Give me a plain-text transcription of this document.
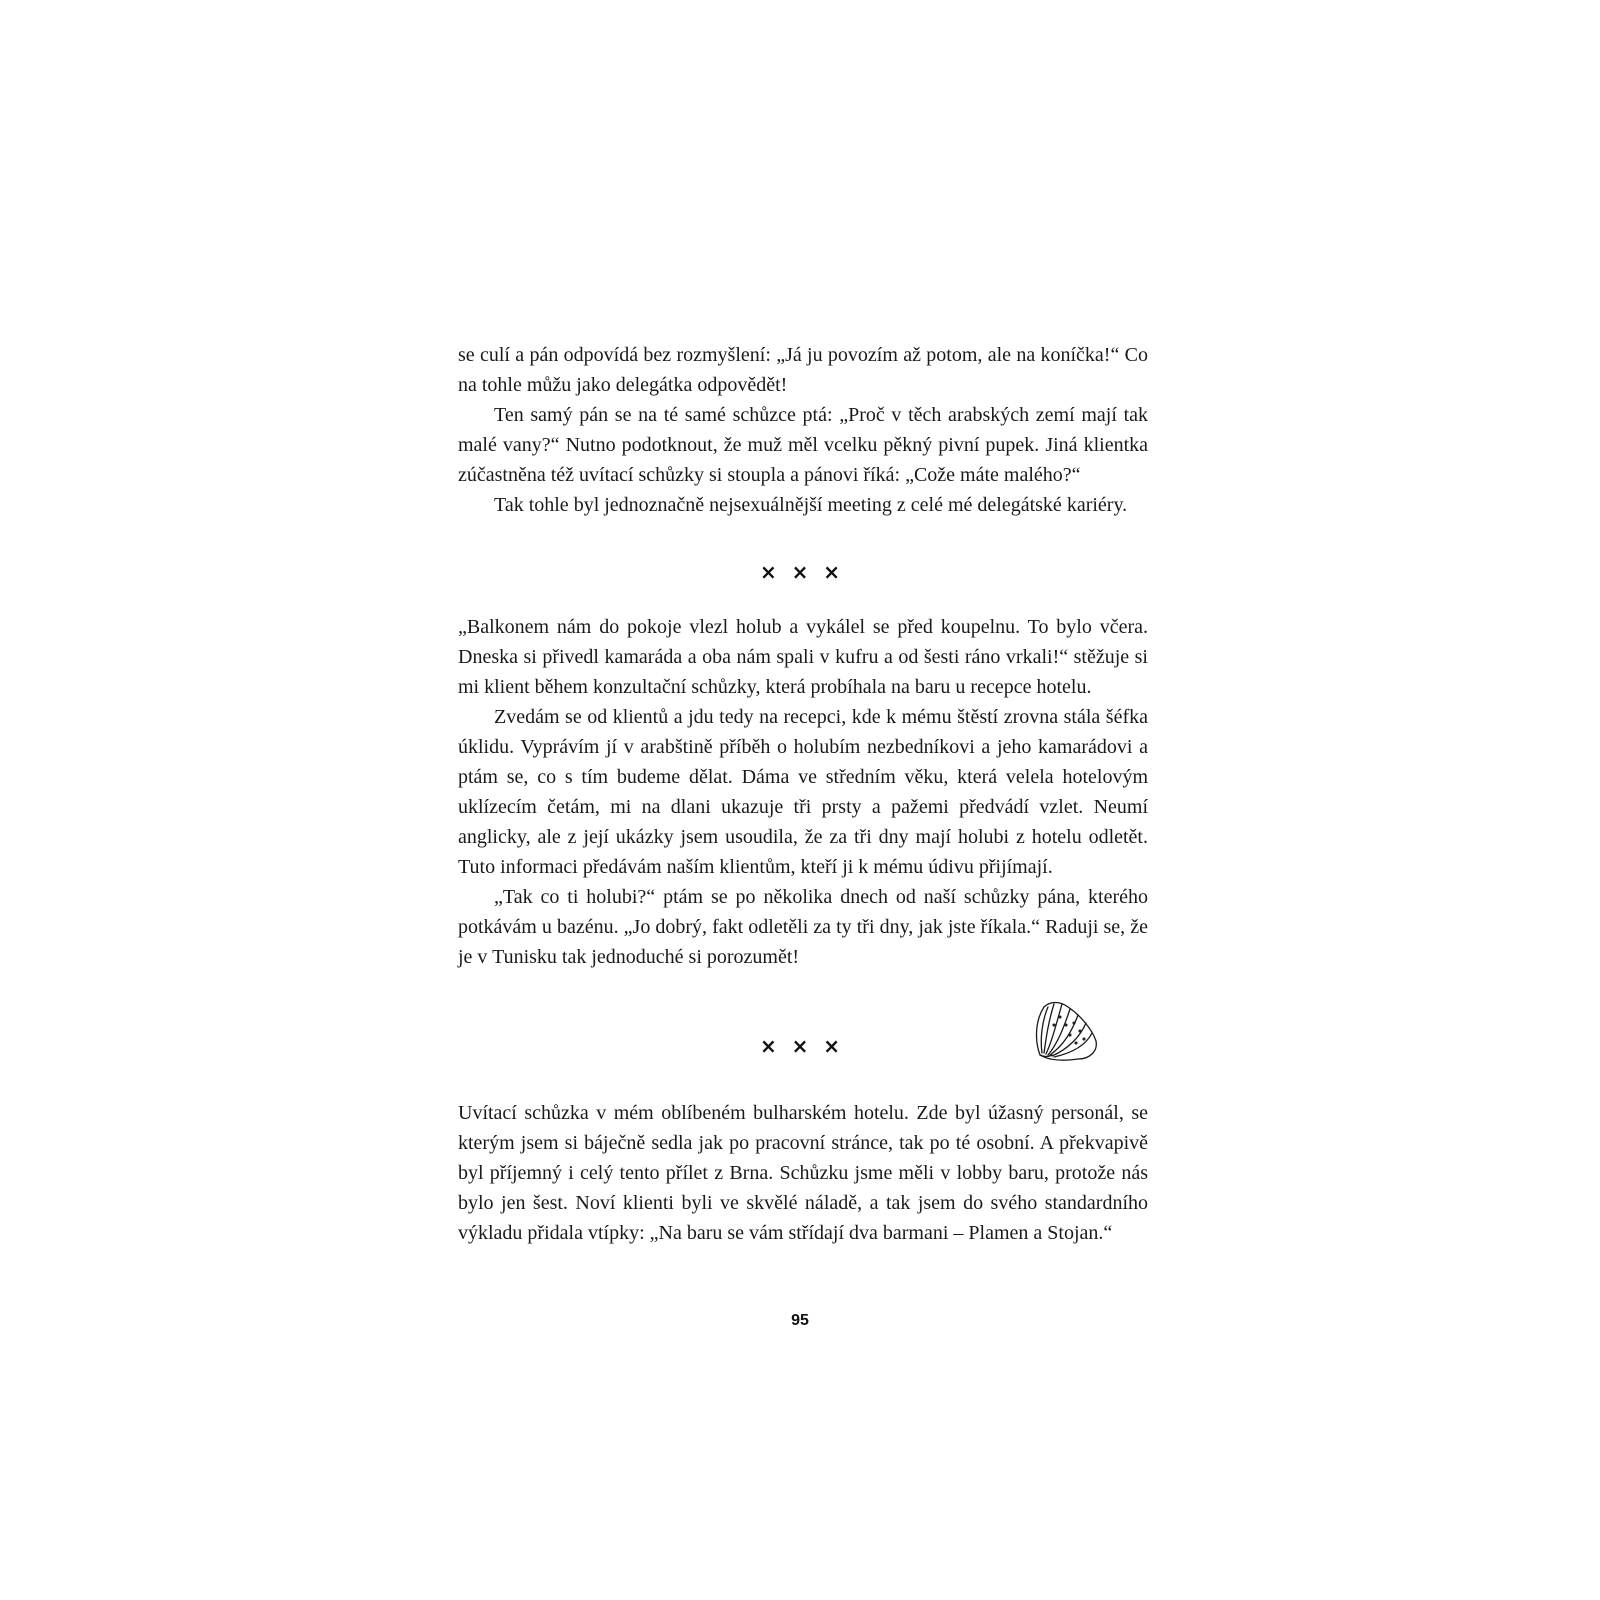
se culí a pán odpovídá bez rozmyšlení: „Já ju povozím až potom, ale na koníčka!“ Co na tohle můžu jako delegátka odpovědět!

Ten samý pán se na té samé schůzce ptá: „Proč v těch arabských zemí mají tak malé vany?“ Nutno podotknout, že muž měl vcelku pěkný pivní pupek. Jiná klientka zúčastněna též uvítací schůzky si stoupla a pánovi říká: „Cože máte malého?“

Tak tohle byl jednoznačně nejsexuálnější meeting z celé mé delegátské kariéry.

× × ×

„Balkonem nám do pokoje vlezl holub a vykálel se před koupelnu. To bylo včera. Dneska si přivedl kamaráda a oba nám spali v kufru a od šesti ráno vrkali!“ stěžuje si mi klient během konzultační schůzky, která probíhala na baru u recepce hotelu.

Zvedám se od klientů a jdu tedy na recepci, kde k mému štěstí zrovna stála šéfka úklidu. Vyprávím jí v arabštině příběh o holubím nezbedníkovi a jeho kamarádovi a ptám se, co s tím budeme dělat. Dáma ve středním věku, která velela hotelovým uklízecím četám, mi na dlani ukazuje tři prsty a pažemi předvádí vzlet. Neumí anglicky, ale z její ukázky jsem usoudila, že za tři dny mají holubi z hotelu odletět. Tuto informaci předávám naším klientům, kteří ji k mému údivu přijímají.

„Tak co ti holubi?“ ptám se po několika dnech od naší schůzky pána, kterého potkávám u bazénu. „Jo dobrý, fakt odletěli za ty tři dny, jak jste říkala.“ Raduji se, že je v Tunisku tak jednoduché si porozumět!

× × ×

Uvítací schůzka v mém oblíbeném bulharském hotelu. Zde byl úžasný personál, se kterým jsem si báječně sedla jak po pracovní stránce, tak po té osobní. A překvapivě byl příjemný i celý tento přílet z Brna. Schůzku jsme měli v lobby baru, protože nás bylo jen šest. Noví klienti byli ve skvělé náladě, a tak jsem do svého standardního výkladu přidala vtípky: „Na baru se vám střídají dva barmani – Plamen a Stojan.“

95
